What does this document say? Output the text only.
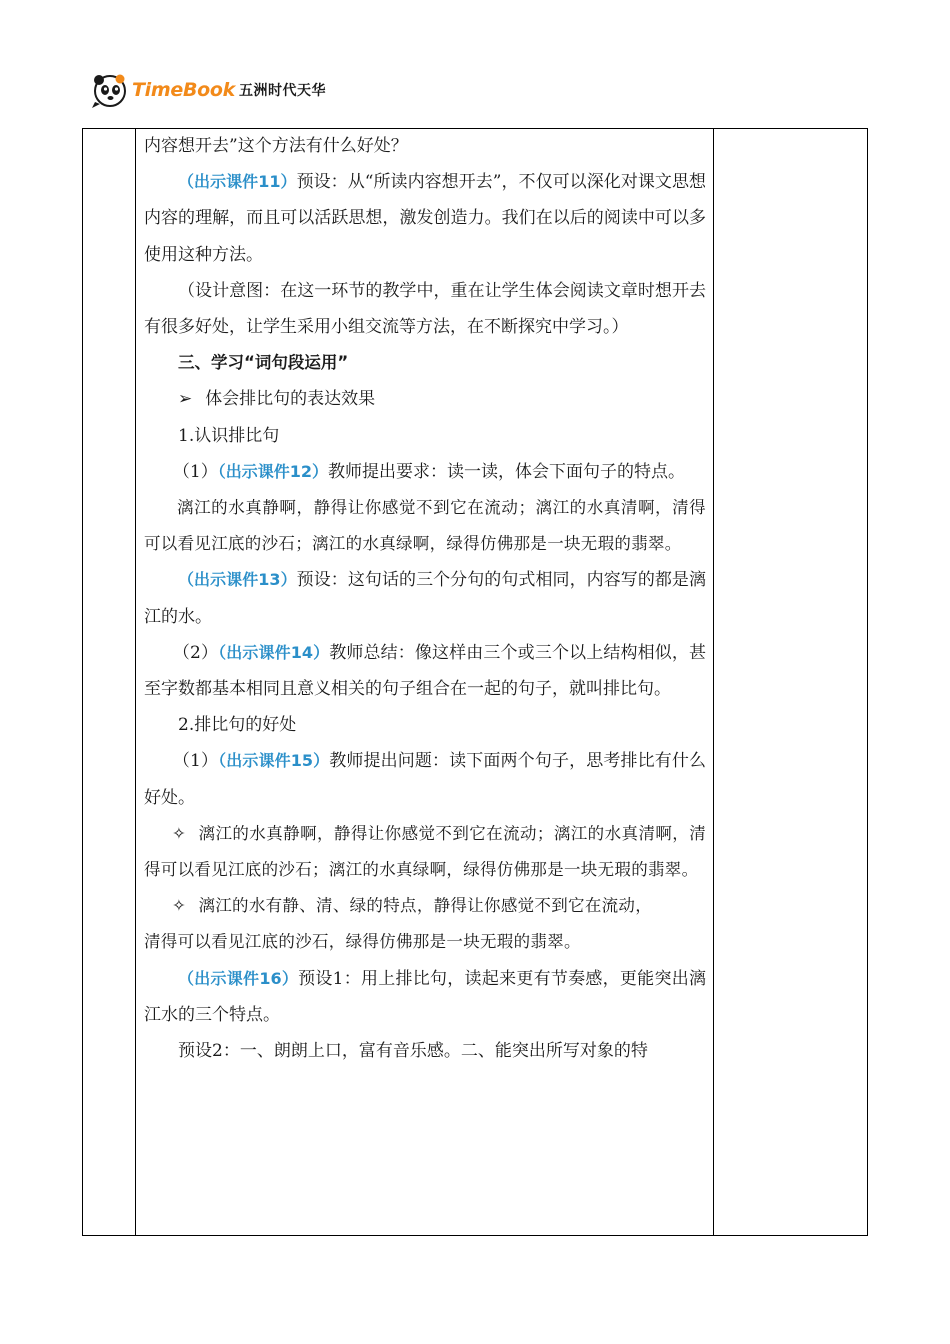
TimeBook 五洲时代天华

内容想开去”这个方法有什么好处？

（出示课件11）预设：从“所读内容想开去”，不仅可以深化对课文思想内容的理解，而且可以活跃思想，激发创造力。我们在以后的阅读中可以多使用这种方法。

（设计意图：在这一环节的教学中，重在让学生体会阅读文章时想开去有很多好处，让学生采用小组交流等方法，在不断探究中学习。）

三、学习“词句段运用”

➢ 体会排比句的表达效果

1.认识排比句

（1）（出示课件12）教师提出要求：读一读，体会下面句子的特点。

漓江的水真静啊，静得让你感觉不到它在流动；漓江的水真清啊，清得可以看见江底的沙石；漓江的水真绿啊，绿得仿佛那是一块无瑕的翡翠。

（出示课件13）预设：这句话的三个分句的句式相同，内容写的都是漓江的水。

（2）（出示课件14）教师总结：像这样由三个或三个以上结构相似，甚至字数都基本相同且意义相关的句子组合在一起的句子，就叫排比句。

2.排比句的好处

（1）（出示课件15）教师提出问题：读下面两个句子，思考排比有什么好处。

✧ 漓江的水真静啊，静得让你感觉不到它在流动；漓江的水真清啊，清得可以看见江底的沙石；漓江的水真绿啊，绿得仿佛那是一块无瑕的翡翠。

✧ 漓江的水有静、清、绿的特点，静得让你感觉不到它在流动，

清得可以看见江底的沙石，绿得仿佛那是一块无瑕的翡翠。

（出示课件16）预设1：用上排比句，读起来更有节奏感，更能突出漓江水的三个特点。

预设2：一、朗朗上口，富有音乐感。二、能突出所写对象的特
